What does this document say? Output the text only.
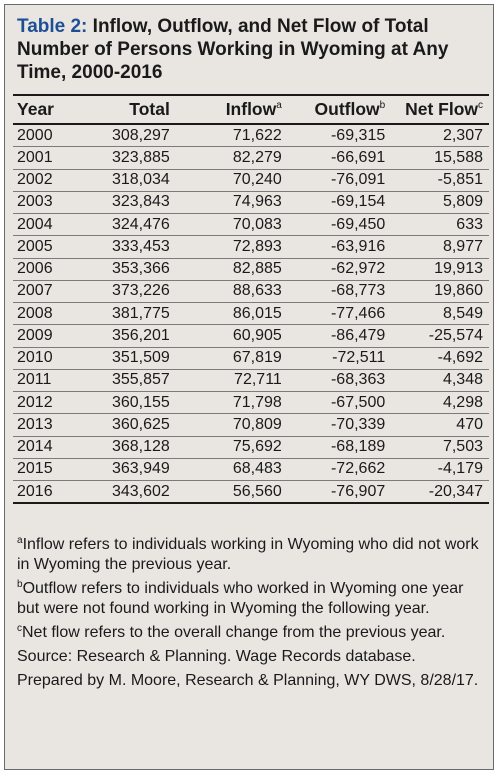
Table 2: Inflow, Outflow, and Net Flow of Total Number of Persons Working in Wyoming at Any Time, 2000-2016
Year	Total	Inflow$^a$	Outflow$^b$	Net Flow$^c$
2000	308,297	71,622	-69,315	2,307
2001	323,885	82,279	-66,691	15,588
2002	318,034	70,240	-76,091	-5,851
2003	323,843	74,963	-69,154	5,809
2004	324,476	70,083	-69,450	633
2005	333,453	72,893	-63,916	8,977
2006	353,366	82,885	-62,972	19,913
2007	373,226	88,633	-68,773	19,860
2008	381,775	86,015	-77,466	8,549
2009	356,201	60,905	-86,479	-25,574
2010	351,509	67,819	-72,511	-4,692
2011	355,857	72,711	-68,363	4,348
2012	360,155	71,798	-67,500	4,298
2013	360,625	70,809	-70,339	470
2014	368,128	75,692	-68,189	7,503
2015	363,949	68,483	-72,662	-4,179
2016	343,602	56,560	-76,907	-20,347

$^a$Inflow refers to individuals working in Wyoming who did not work in Wyoming the previous year.

$^b$Outflow refers to individuals who worked in Wyoming one year but were not found working in Wyoming the following year.

$^c$Net flow refers to the overall change from the previous year.

Source: Research & Planning. Wage Records database.

Prepared by M. Moore, Research & Planning, WY DWS, 8/28/17.
